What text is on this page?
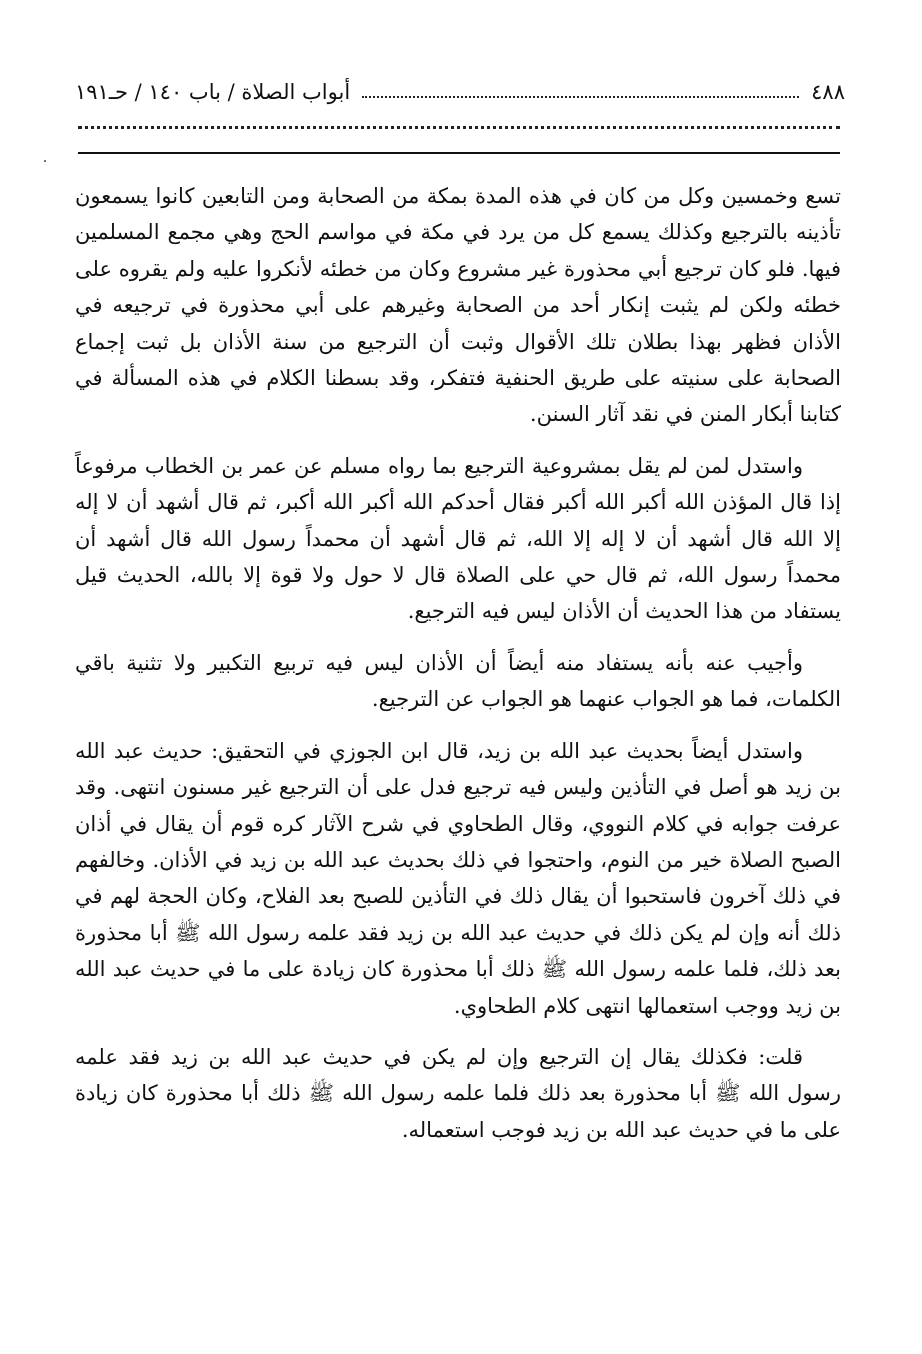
٤٨٨
أبواب الصلاة / باب ١٤٠ / حـ١٩١

تسع وخمسين وكل من كان في هذه المدة بمكة من الصحابة ومن التابعين كانوا يسمعون تأذينه بالترجيع وكذلك يسمع كل من يرد في مكة في مواسم الحج وهي مجمع المسلمين فيها. فلو كان ترجيع أبي محذورة غير مشروع وكان من خطئه لأنكروا عليه ولم يقروه على خطئه ولكن لم يثبت إنكار أحد من الصحابة وغيرهم على أبي محذورة في ترجيعه في الأذان فظهر بهذا بطلان تلك الأقوال وثبت أن الترجيع من سنة الأذان بل ثبت إجماع الصحابة على سنيته على طريق الحنفية فتفكر، وقد بسطنا الكلام في هذه المسألة في كتابنا أبكار المنن في نقد آثار السنن.

واستدل لمن لم يقل بمشروعية الترجيع بما رواه مسلم عن عمر بن الخطاب مرفوعاً إذا قال المؤذن الله أكبر الله أكبر فقال أحدكم الله أكبر الله أكبر، ثم قال أشهد أن لا إله إلا الله قال أشهد أن لا إله إلا الله، ثم قال أشهد أن محمداً رسول الله قال أشهد أن محمداً رسول الله، ثم قال حي على الصلاة قال لا حول ولا قوة إلا بالله، الحديث قيل يستفاد من هذا الحديث أن الأذان ليس فيه الترجيع.

وأجيب عنه بأنه يستفاد منه أيضاً أن الأذان ليس فيه تربيع التكبير ولا تثنية باقي الكلمات، فما هو الجواب عنهما هو الجواب عن الترجيع.

واستدل أيضاً بحديث عبد الله بن زيد، قال ابن الجوزي في التحقيق: حديث عبد الله بن زيد هو أصل في التأذين وليس فيه ترجيع فدل على أن الترجيع غير مسنون انتهى. وقد عرفت جوابه في كلام النووي، وقال الطحاوي في شرح الآثار كره قوم أن يقال في أذان الصبح الصلاة خير من النوم، واحتجوا في ذلك بحديث عبد الله بن زيد في الأذان. وخالفهم في ذلك آخرون فاستحبوا أن يقال ذلك في التأذين للصبح بعد الفلاح، وكان الحجة لهم في ذلك أنه وإن لم يكن ذلك في حديث عبد الله بن زيد فقد علمه رسول الله ﷺ أبا محذورة بعد ذلك، فلما علمه رسول الله ﷺ ذلك أبا محذورة كان زيادة على ما في حديث عبد الله بن زيد ووجب استعمالها انتهى كلام الطحاوي.

قلت: فكذلك يقال إن الترجيع وإن لم يكن في حديث عبد الله بن زيد فقد علمه رسول الله ﷺ أبا محذورة بعد ذلك فلما علمه رسول الله ﷺ ذلك أبا محذورة كان زيادة على ما في حديث عبد الله بن زيد فوجب استعماله.
